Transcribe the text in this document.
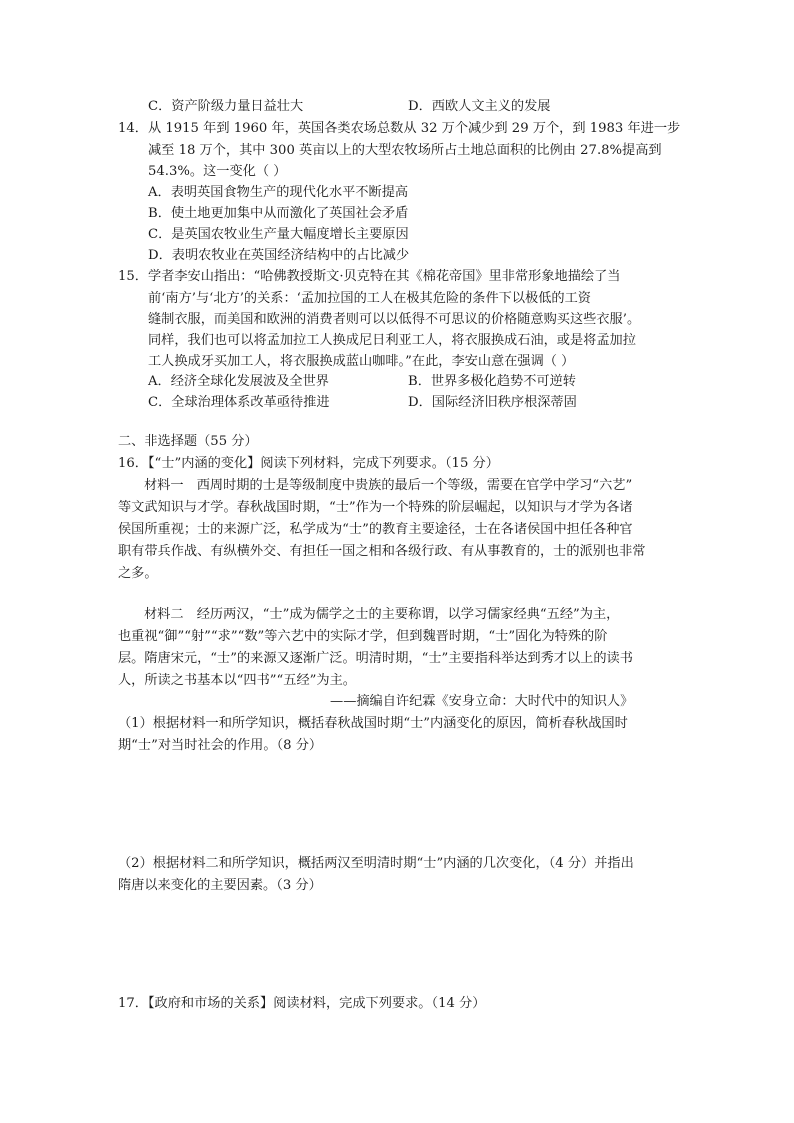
C．资产阶级力量日益壮大	D．西欧人文主义的发展
14． 从 1915 年到 1960 年，英国各类农场总数从 32 万个减少到 29 万个，到 1983 年进一步
减至 18 万个，其中 300 英亩以上的大型农牧场所占土地总面积的比例由 27.8%提高到
54.3%。这一变化（ ）
A．表明英国食物生产的现代化水平不断提高
B．使土地更加集中从而激化了英国社会矛盾
C．是英国农牧业生产量大幅度增长主要原因
D．表明农牧业在英国经济结构中的占比减少
15． 学者李安山指出：“哈佛教授斯文·贝克特在其《棉花帝国》里非常形象地描绘了当
前‘南方’与‘北方’的关系：‘孟加拉国的工人在极其危险的条件下以极低的工资
缝制衣服，而美国和欧洲的消费者则可以以低得不可思议的价格随意购买这些衣服’。
同样，我们也可以将孟加拉工人换成尼日利亚工人，将衣服换成石油，或是将孟加拉
工人换成牙买加工人，将衣服换成蓝山咖啡。”在此，李安山意在强调（ ）
A．经济全球化发展波及全世界	B．世界多极化趋势不可逆转
C．全球治理体系改革亟待推进	D．国际经济旧秩序根深蒂固
二、非选择题（55 分）
16．【“士”内涵的变化】阅读下列材料，完成下列要求。（15 分）
材料一　西周时期的士是等级制度中贵族的最后一个等级，需要在官学中学习“六艺”
等文武知识与才学。春秋战国时期，“士”作为一个特殊的阶层崛起，以知识与才学为各诸
侯国所重视；士的来源广泛，私学成为“士”的教育主要途径，士在各诸侯国中担任各种官
职有带兵作战、有纵横外交、有担任一国之相和各级行政、有从事教育的，士的派别也非常
之多。
材料二　经历两汉，“士”成为儒学之士的主要称谓，以学习儒家经典“五经”为主，
也重视“御”“射”“求”“数”等六艺中的实际才学，但到魏晋时期，“士”固化为特殊的阶
层。隋唐宋元，“士”的来源又逐渐广泛。明清时期，“士”主要指科举达到秀才以上的读书
人，所读之书基本以“四书”“五经”为主。
——摘编自许纪霖《安身立命：大时代中的知识人》
（1）根据材料一和所学知识，概括春秋战国时期“士”内涵变化的原因，简析春秋战国时
期“士”对当时社会的作用。（8 分）
（2）根据材料二和所学知识，概括两汉至明清时期“士”内涵的几次变化，（4 分）并指出
隋唐以来变化的主要因素。（3 分）
17．【政府和市场的关系】阅读材料，完成下列要求。（14 分）
